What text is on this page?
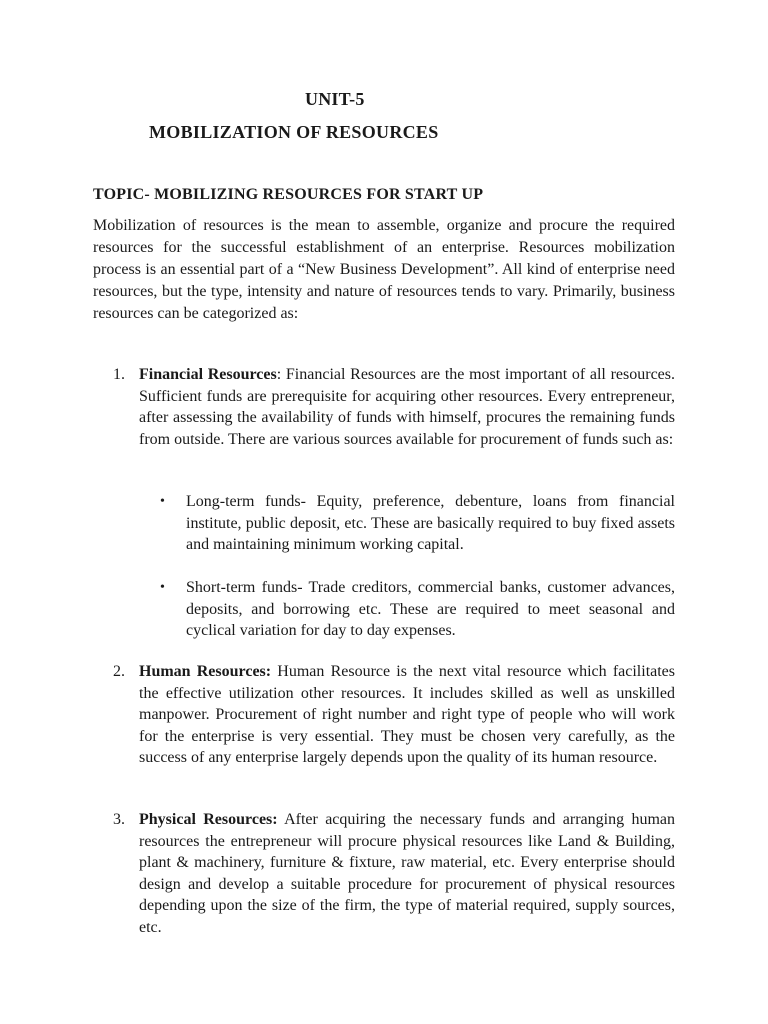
UNIT-5
MOBILIZATION OF RESOURCES
TOPIC- MOBILIZING RESOURCES FOR START UP

Mobilization of resources is the mean to assemble, organize and procure the required resources for the successful establishment of an enterprise. Resources mobilization process is an essential part of a “New Business Development”. All kind of enterprise need resources, but the type, intensity and nature of resources tends to vary. Primarily, business resources can be categorized as:

1. Financial Resources: Financial Resources are the most important of all resources. Sufficient funds are prerequisite for acquiring other resources. Every entrepreneur, after assessing the availability of funds with himself, procures the remaining funds from outside. There are various sources available for procurement of funds such as:
• Long-term funds- Equity, preference, debenture, loans from financial institute, public deposit, etc. These are basically required to buy fixed assets and maintaining minimum working capital.
• Short-term funds- Trade creditors, commercial banks, customer advances, deposits, and borrowing etc. These are required to meet seasonal and cyclical variation for day to day expenses.
2. Human Resources: Human Resource is the next vital resource which facilitates the effective utilization other resources. It includes skilled as well as unskilled manpower. Procurement of right number and right type of people who will work for the enterprise is very essential. They must be chosen very carefully, as the success of any enterprise largely depends upon the quality of its human resource.
3. Physical Resources: After acquiring the necessary funds and arranging human resources the entrepreneur will procure physical resources like Land & Building, plant & machinery, furniture & fixture, raw material, etc. Every enterprise should design and develop a suitable procedure for procurement of physical resources depending upon the size of the firm, the type of material required, supply sources, etc.
